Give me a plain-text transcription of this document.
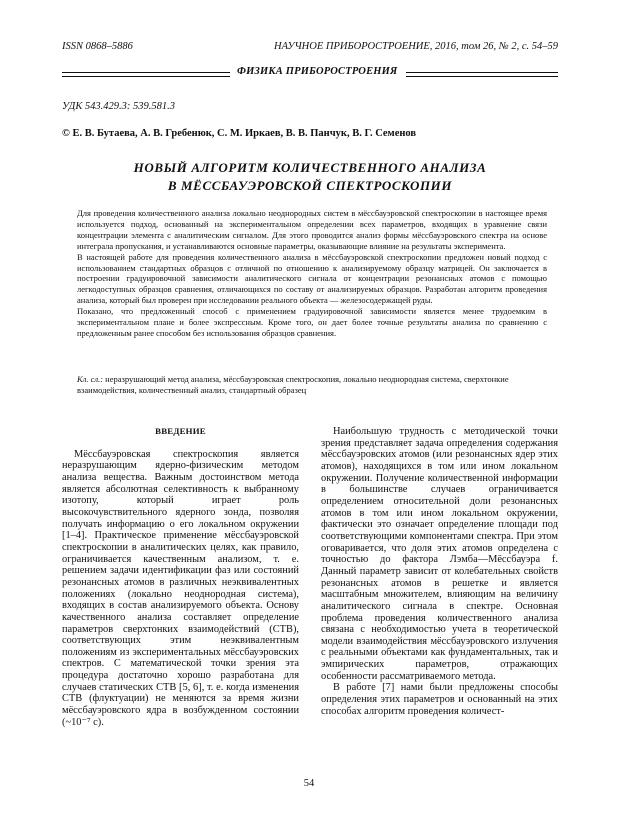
ISSN 0868–5886	НАУЧНОЕ ПРИБОРОСТРОЕНИЕ, 2016, том 26, № 2, c. 54–59
ФИЗИКА ПРИБОРОСТРОЕНИЯ
УДК 543.429.3: 539.581.3
© Е. В. Бутаева, А. В. Гребенюк, С. М. Иркаев, В. В. Панчук, В. Г. Семенов
НОВЫЙ АЛГОРИТМ КОЛИЧЕСТВЕННОГО АНАЛИЗА
В МЁССБАУЭРОВСКОЙ СПЕКТРОСКОПИИ

Для проведения количественного анализа локально неоднородных систем в мёссбауэровской спектроскопии в настоящее время используется подход, основанный на экспериментальном определении всех параметров, входящих в уравнение связи концентрации элемента с аналитическим сигналом. Для этого проводится анализ формы мёссбауэровского спектра на основе интеграла пропускания, и устанавливаются основные параметры, оказывающие влияние на результаты эксперимента.

В настоящей работе для проведения количественного анализа в мёссбауэровской спектроскопии предложен новый подход с использованием стандартных образцов с отличной по отношению к анализируемому образцу матрицей. Он заключается в построении градуировочной зависимости аналитического сигнала от концентрации резонансных атомов с помощью легкодоступных образцов сравнения, отличающихся по составу от анализируемых образцов. Разработан алгоритм проведения анализа, который был проверен при исследовании реального объекта — железосодержащей руды.

Показано, что предложенный способ с применением градуировочной зависимости является менее трудоемким в экспериментальном плане и более экспрессным. Кроме того, он дает более точные результаты анализа по сравнению с предложенным ранее способом без использования образцов сравнения.

Кл. сл.: неразрушающий метод анализа, мёссбауэровская спектроскопия, локально неоднородная система, сверхтонкие взаимодействия, количественный анализ, стандартный образец
ВВЕДЕНИЕ

Мёссбауэровская спектроскопия является неразрушающим ядерно-физическим методом анализа вещества. Важным достоинством метода является абсолютная селективность к выбранному изотопу, который играет роль высокочувствительного ядерного зонда, позволяя получать информацию о его локальном окружении [1–4]. Практическое применение мёссбауэровской спектроскопии в аналитических целях, как правило, ограничивается качественным анализом, т. е. решением задачи идентификации фаз или состояний резонансных атомов в различных неэквивалентных положениях (локально неоднородная система), входящих в состав анализируемого объекта. Основу качественного анализа составляет определение параметров сверхтонких взаимодействий (СТВ), соответствующих этим неэквивалентным положениям из экспериментальных мёссбауэровских спектров. С математической точки зрения эта процедура достаточно хорошо разработана для случаев статических СТВ [5, 6], т. е. когда изменения СТВ (флуктуации) не меняются за время жизни мёссбауэровского ядра в возбужденном состоянии (~10⁻⁷ с).

Наибольшую трудность с методической точки зрения представляет задача определения содержания мёссбауэровских атомов (или резонансных ядер этих атомов), находящихся в том или ином локальном окружении. Получение количественной информации в большинстве случаев ограничивается определением относительной доли резонансных атомов в том или ином локальном окружении, фактически это означает определение площади под соответствующими компонентами спектра. При этом оговаривается, что доля этих атомов определена с точностью до фактора Лэмба—Мёссбауэра f. Данный параметр зависит от колебательных свойств резонансных атомов в решетке и является масштабным множителем, влияющим на величину аналитического сигнала в спектре. Основная проблема проведения количественного анализа связана с необходимостью учета в теоретической модели взаимодействия мёссбауэровского излучения с реальными объектами как фундаментальных, так и эмпирических параметров, отражающих особенности рассматриваемого метода.

В работе [7] нами были предложены способы определения этих параметров и основанный на этих способах алгоритм проведения количест-

54
